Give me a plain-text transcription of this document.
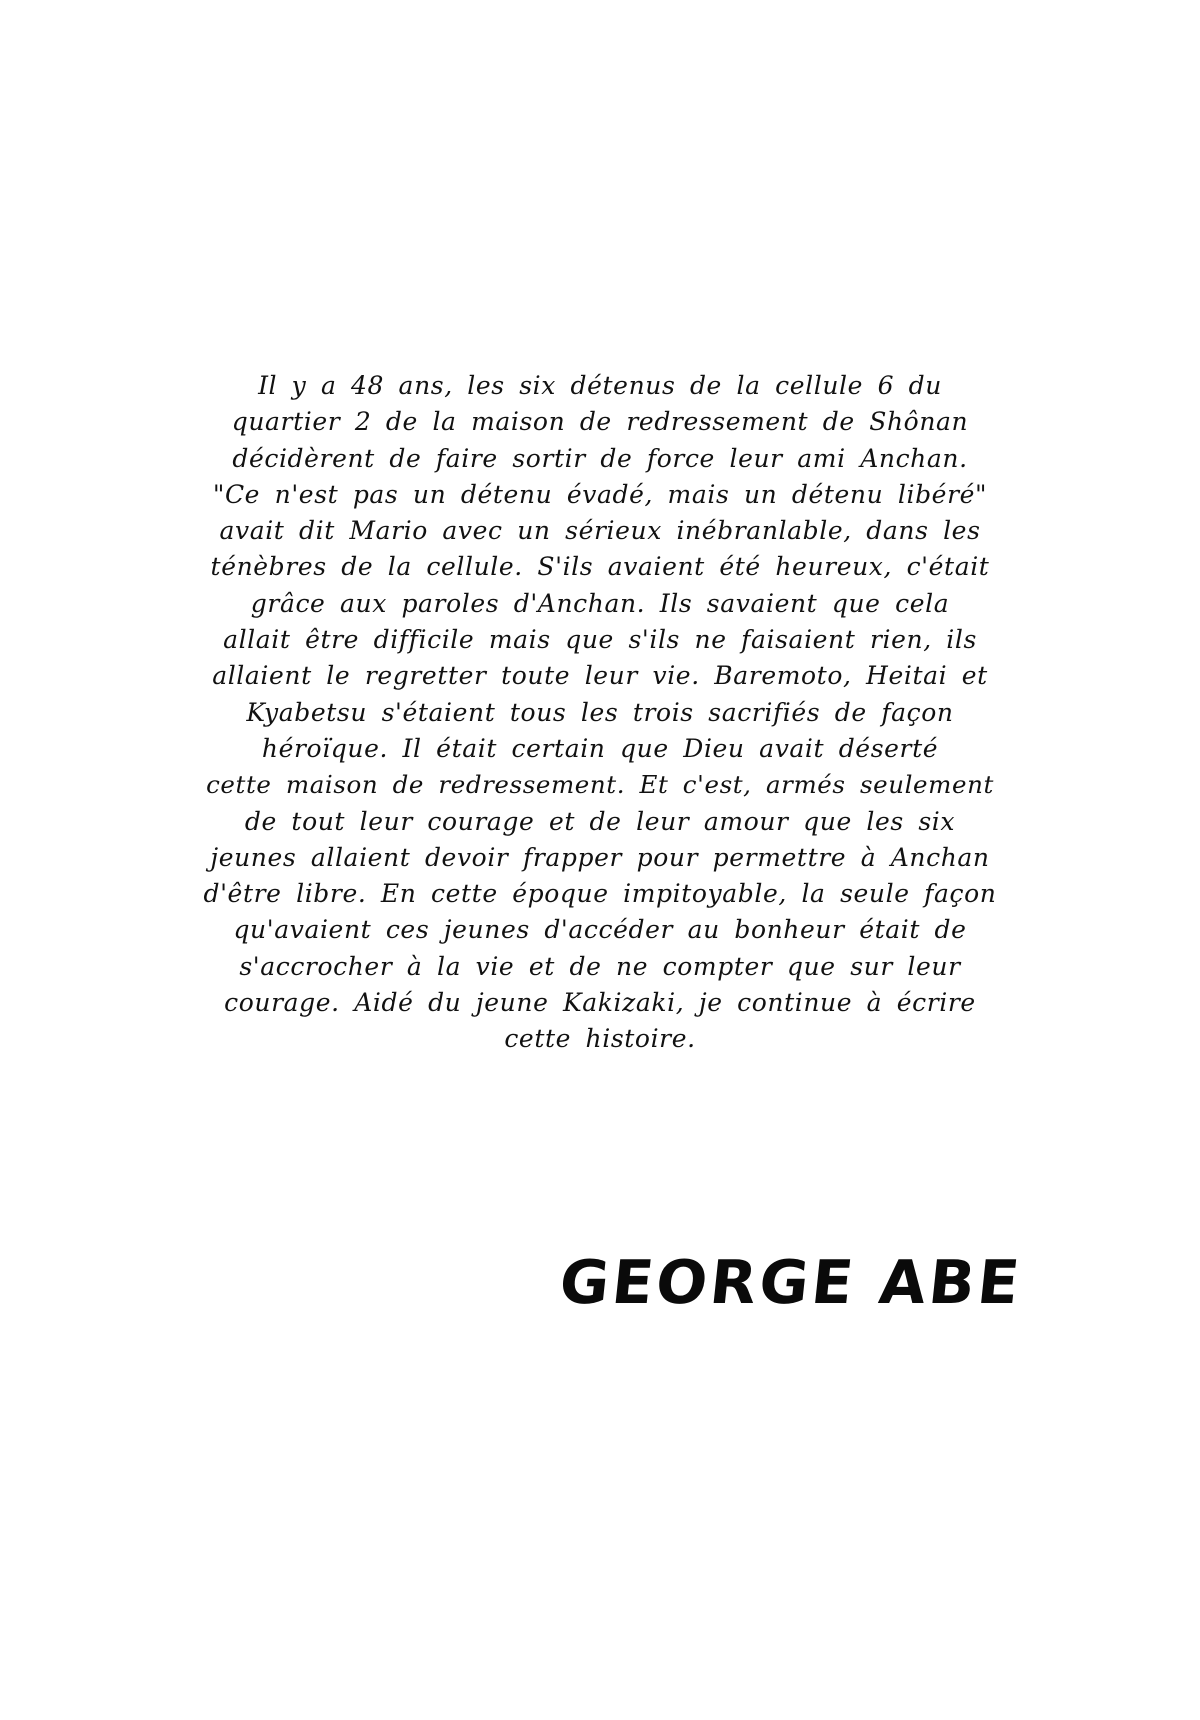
Il y a 48 ans, les six détenus de la cellule 6 du
quartier 2 de la maison de redressement de Shônan
décidèrent de faire sortir de force leur ami Anchan.
"Ce n'est pas un détenu évadé, mais un détenu libéré"
avait dit Mario avec un sérieux inébranlable, dans les
ténèbres de la cellule. S'ils avaient été heureux, c'était
grâce aux paroles d'Anchan. Ils savaient que cela
allait être difficile mais que s'ils ne faisaient rien, ils
allaient le regretter toute leur vie. Baremoto, Heitai et
Kyabetsu s'étaient tous les trois sacrifiés de façon
héroïque. Il était certain que Dieu avait déserté
cette maison de redressement. Et c'est, armés seulement
de tout leur courage et de leur amour que les six
jeunes allaient devoir frapper pour permettre à Anchan
d'être libre. En cette époque impitoyable, la seule façon
qu'avaient ces jeunes d'accéder au bonheur était de
s'accrocher à la vie et de ne compter que sur leur
courage. Aidé du jeune Kakizaki, je continue à écrire
cette histoire.
GEORGE ABE
